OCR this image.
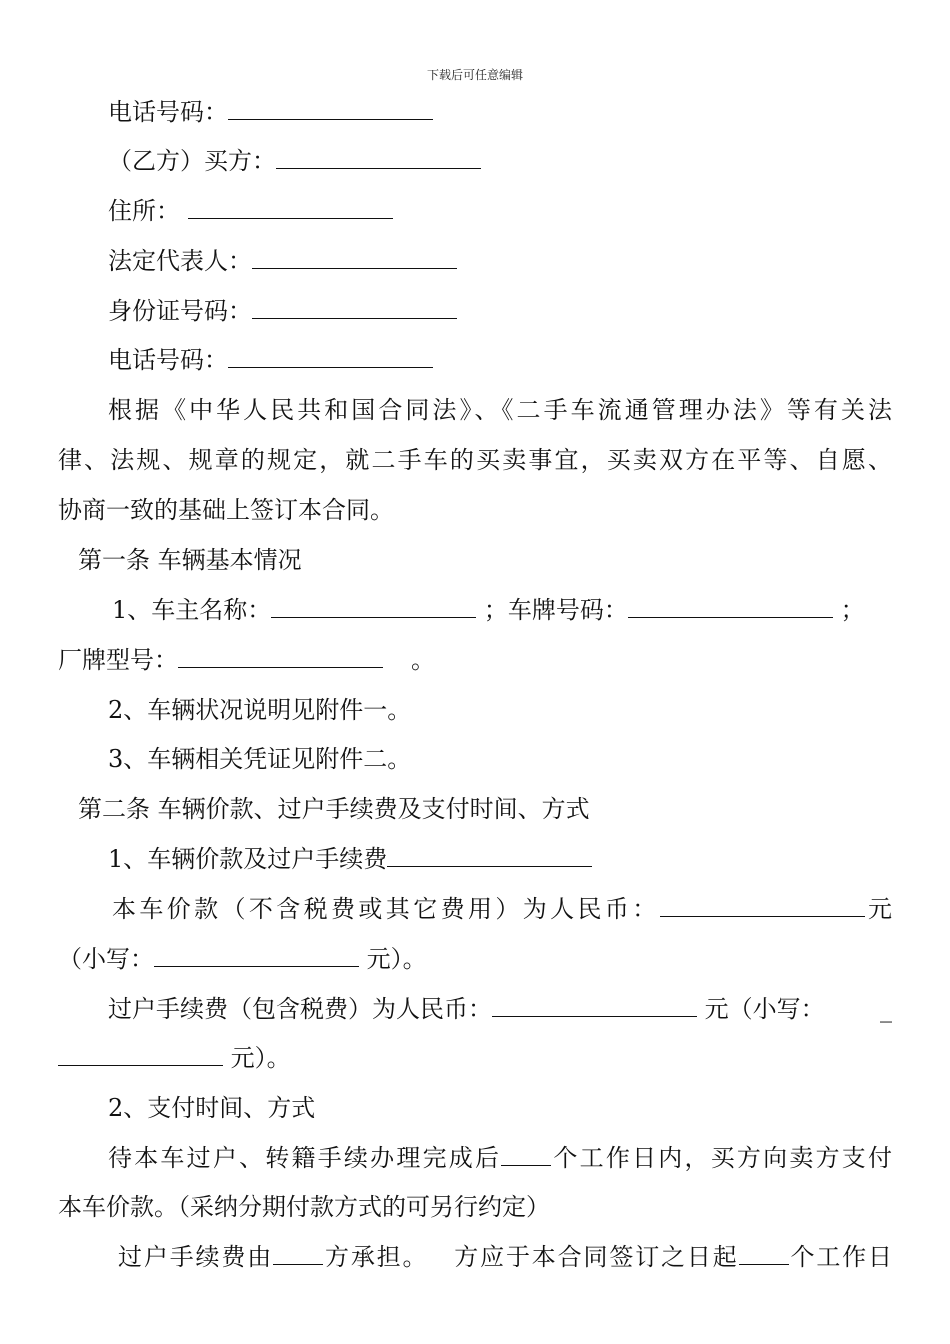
下载后可任意编辑
电话号码：
（乙方）买方：
住所：
法定代表人：
身份证号码：
电话号码：
根据《中华人民共和国合同法》、《二手车流通管理办法》等有关法
律、法规、规章的规定，就二手车的买卖事宜，买卖双方在平等、自愿、
协商一致的基础上签订本合同。
第一条 车辆基本情况
1、车主名称：	；车牌号码：	；
厂牌型号：	。
2、车辆状况说明见附件一。
3、车辆相关凭证见附件二。
第二条 车辆价款、过户手续费及支付时间、方式
1、车辆价款及过户手续费
本车价款（不含税费或其它费用）为人民币：	元
（小写：	元）。
过户手续费（包含税费）为人民币：	元（小写： _
元）。
2、支付时间、方式
待本车过户、转籍手续办理完成后 个工作日内，买方向卖方支付
本车价款。（采纳分期付款方式的可另行约定）
过户手续费由 方承担。 方应于本合同签订之日起 个工作日
